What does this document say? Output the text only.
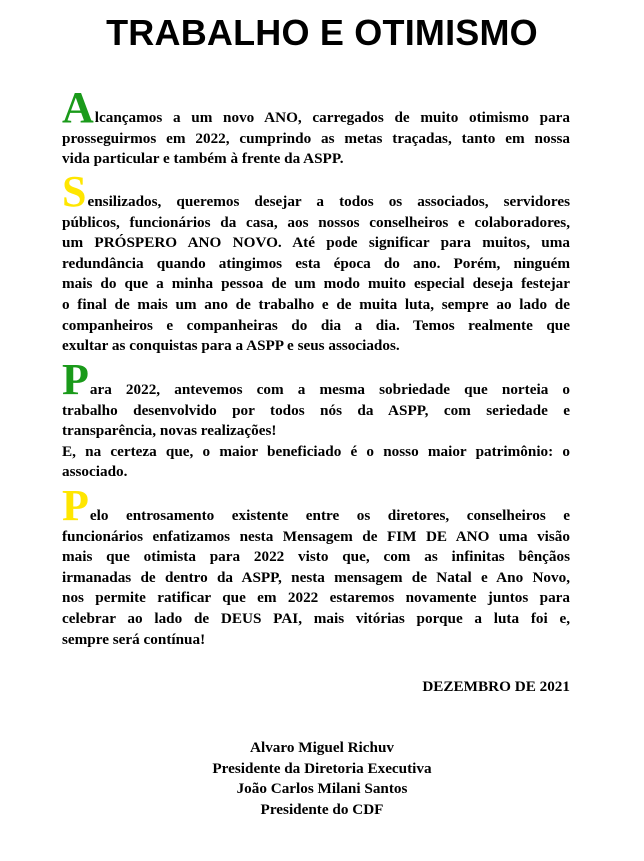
TRABALHO E OTIMISMO
Alcançamos a um novo ANO, carregados de muito otimismo para
prosseguirmos em 2022, cumprindo as metas traçadas, tanto em nossa
vida particular e também à frente da ASPP.
Sensilizados, queremos desejar a todos os associados, servidores
públicos, funcionários da casa, aos nossos conselheiros e colaboradores,
um PRÓSPERO ANO NOVO. Até pode significar para muitos, uma
redundância quando atingimos esta época do ano. Porém, ninguém
mais do que a minha pessoa de um modo muito especial deseja festejar
o final de mais um ano de trabalho e de muita luta, sempre ao lado de
companheiros e companheiras do dia a dia. Temos realmente que
exultar as conquistas para a ASPP e seus associados.
Para 2022, antevemos com a mesma sobriedade que norteia o
trabalho desenvolvido por todos nós da ASPP, com seriedade e
transparência, novas realizações!
E, na certeza que, o maior beneficiado é o nosso maior patrimônio: o
associado.
Pelo entrosamento existente entre os diretores, conselheiros e
funcionários enfatizamos nesta Mensagem de FIM DE ANO uma visão
mais que otimista para 2022 visto que, com as infinitas bênçãos
irmanadas de dentro da ASPP, nesta mensagem de Natal e Ano Novo,
nos permite ratificar que em 2022 estaremos novamente juntos para
celebrar ao lado de DEUS PAI, mais vitórias porque a luta foi e,
sempre será contínua!
DEZEMBRO DE 2021
Alvaro Miguel Richuv
Presidente da Diretoria Executiva
João Carlos Milani Santos
Presidente do CDF
